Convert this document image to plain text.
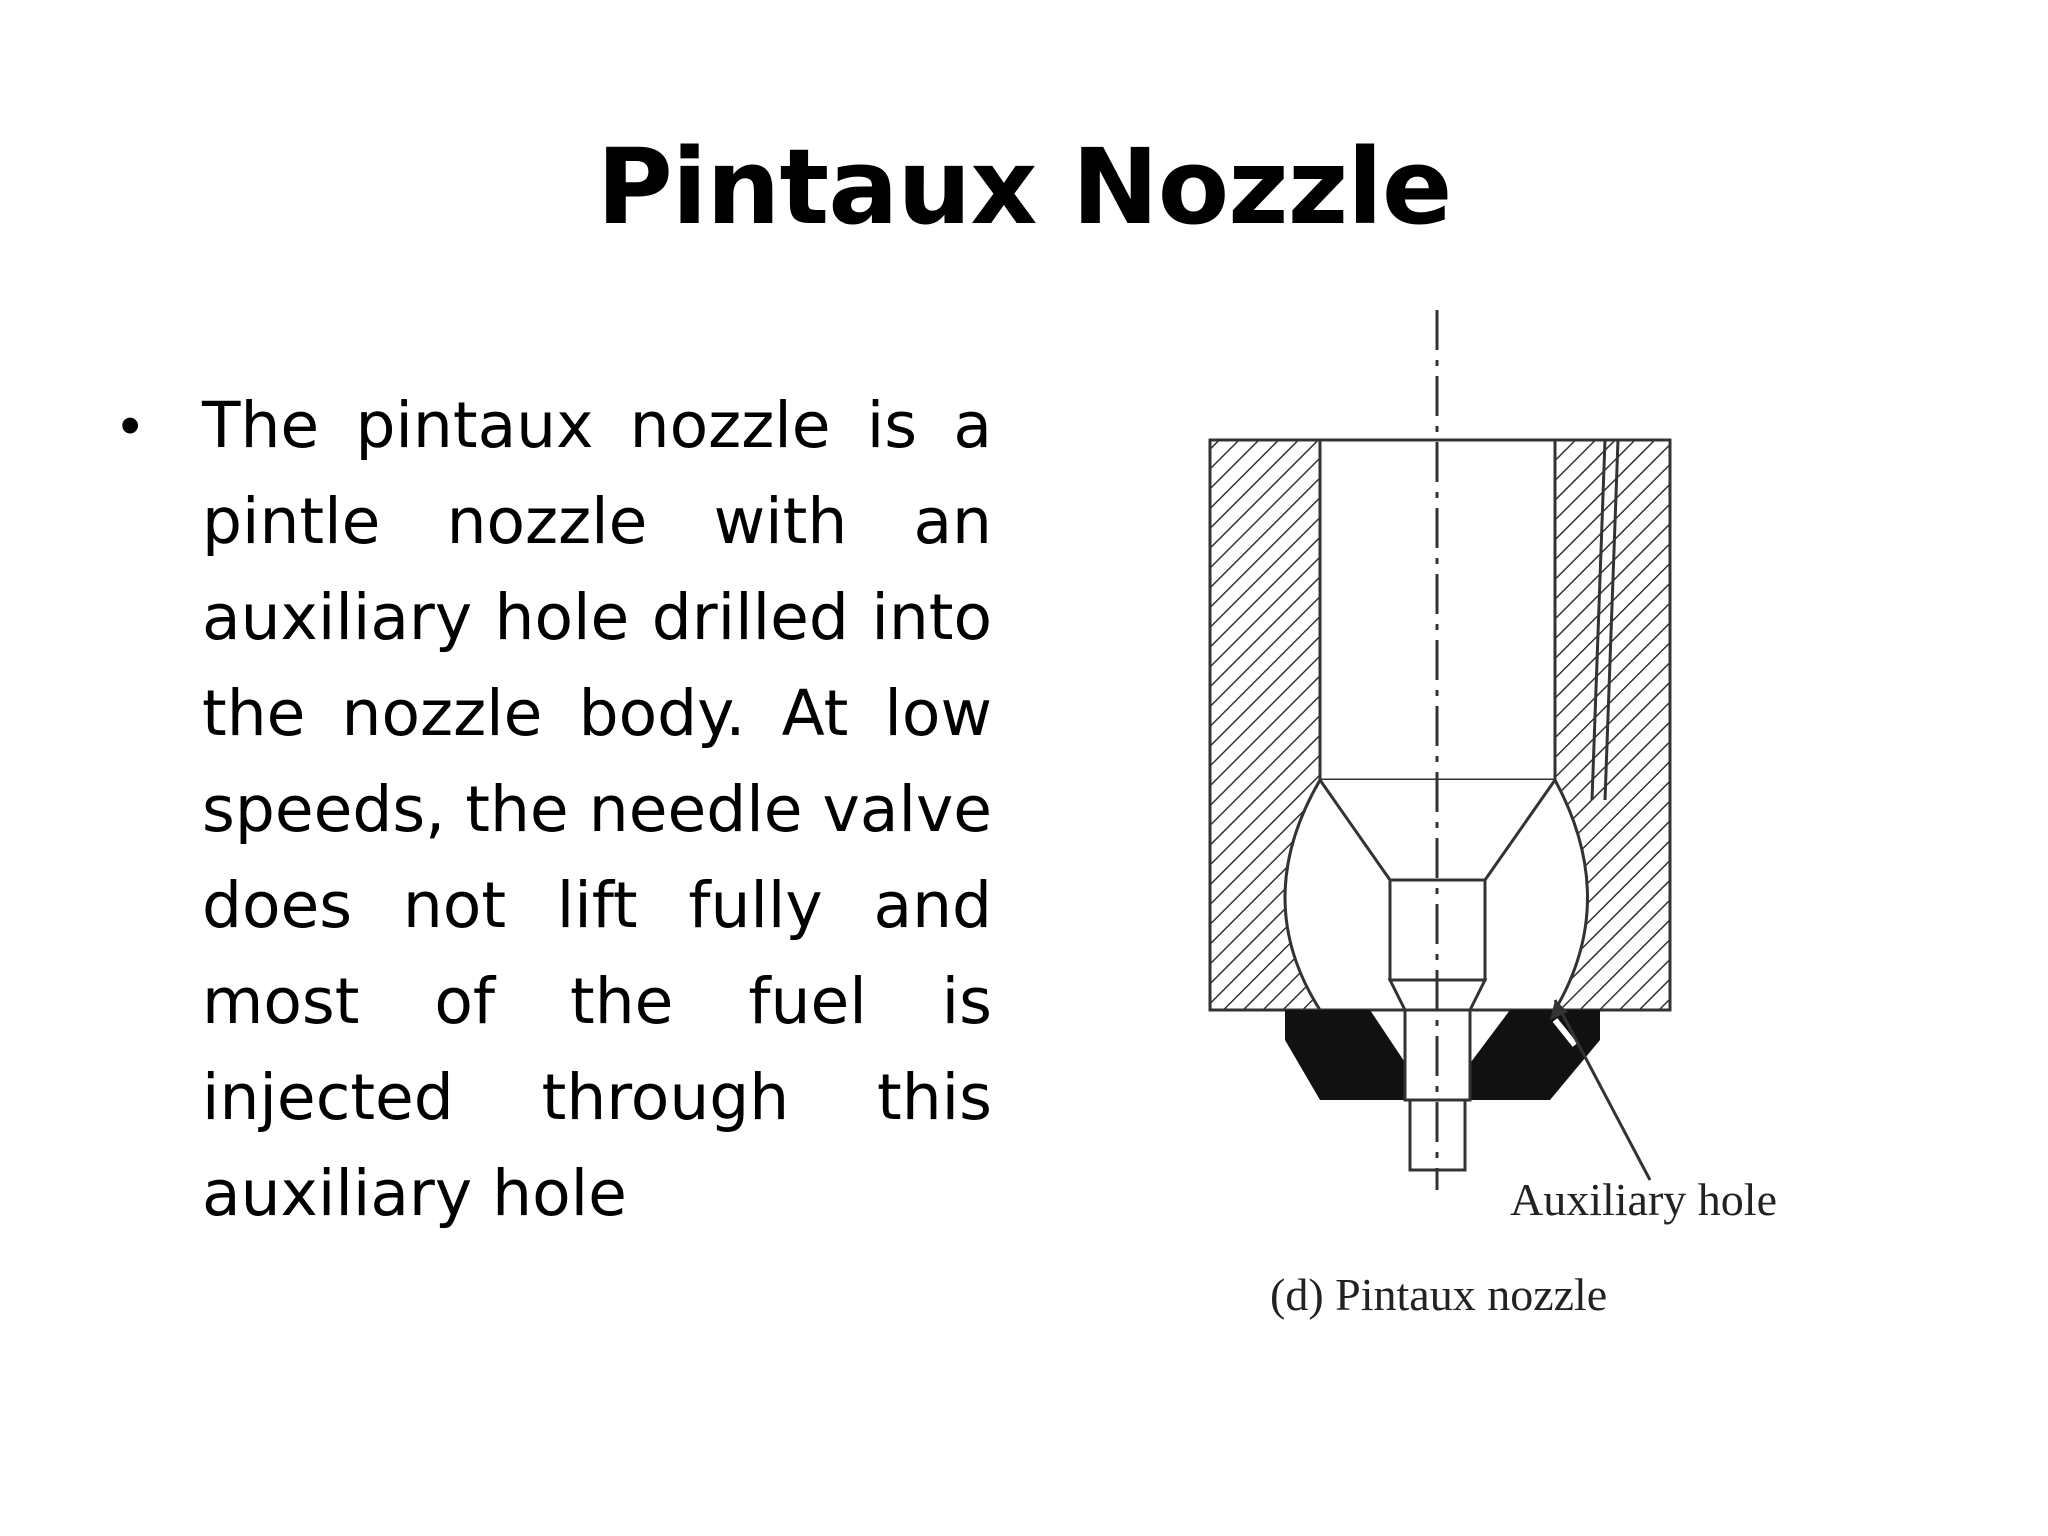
Pintaux Nozzle
• The pintaux nozzle is a pintle nozzle with an auxiliary hole drilled into the nozzle body. At low speeds, the needle valve does not lift fully and most of the fuel is injected through this auxiliary hole	Auxiliary hole
(d) Pintaux nozzle
